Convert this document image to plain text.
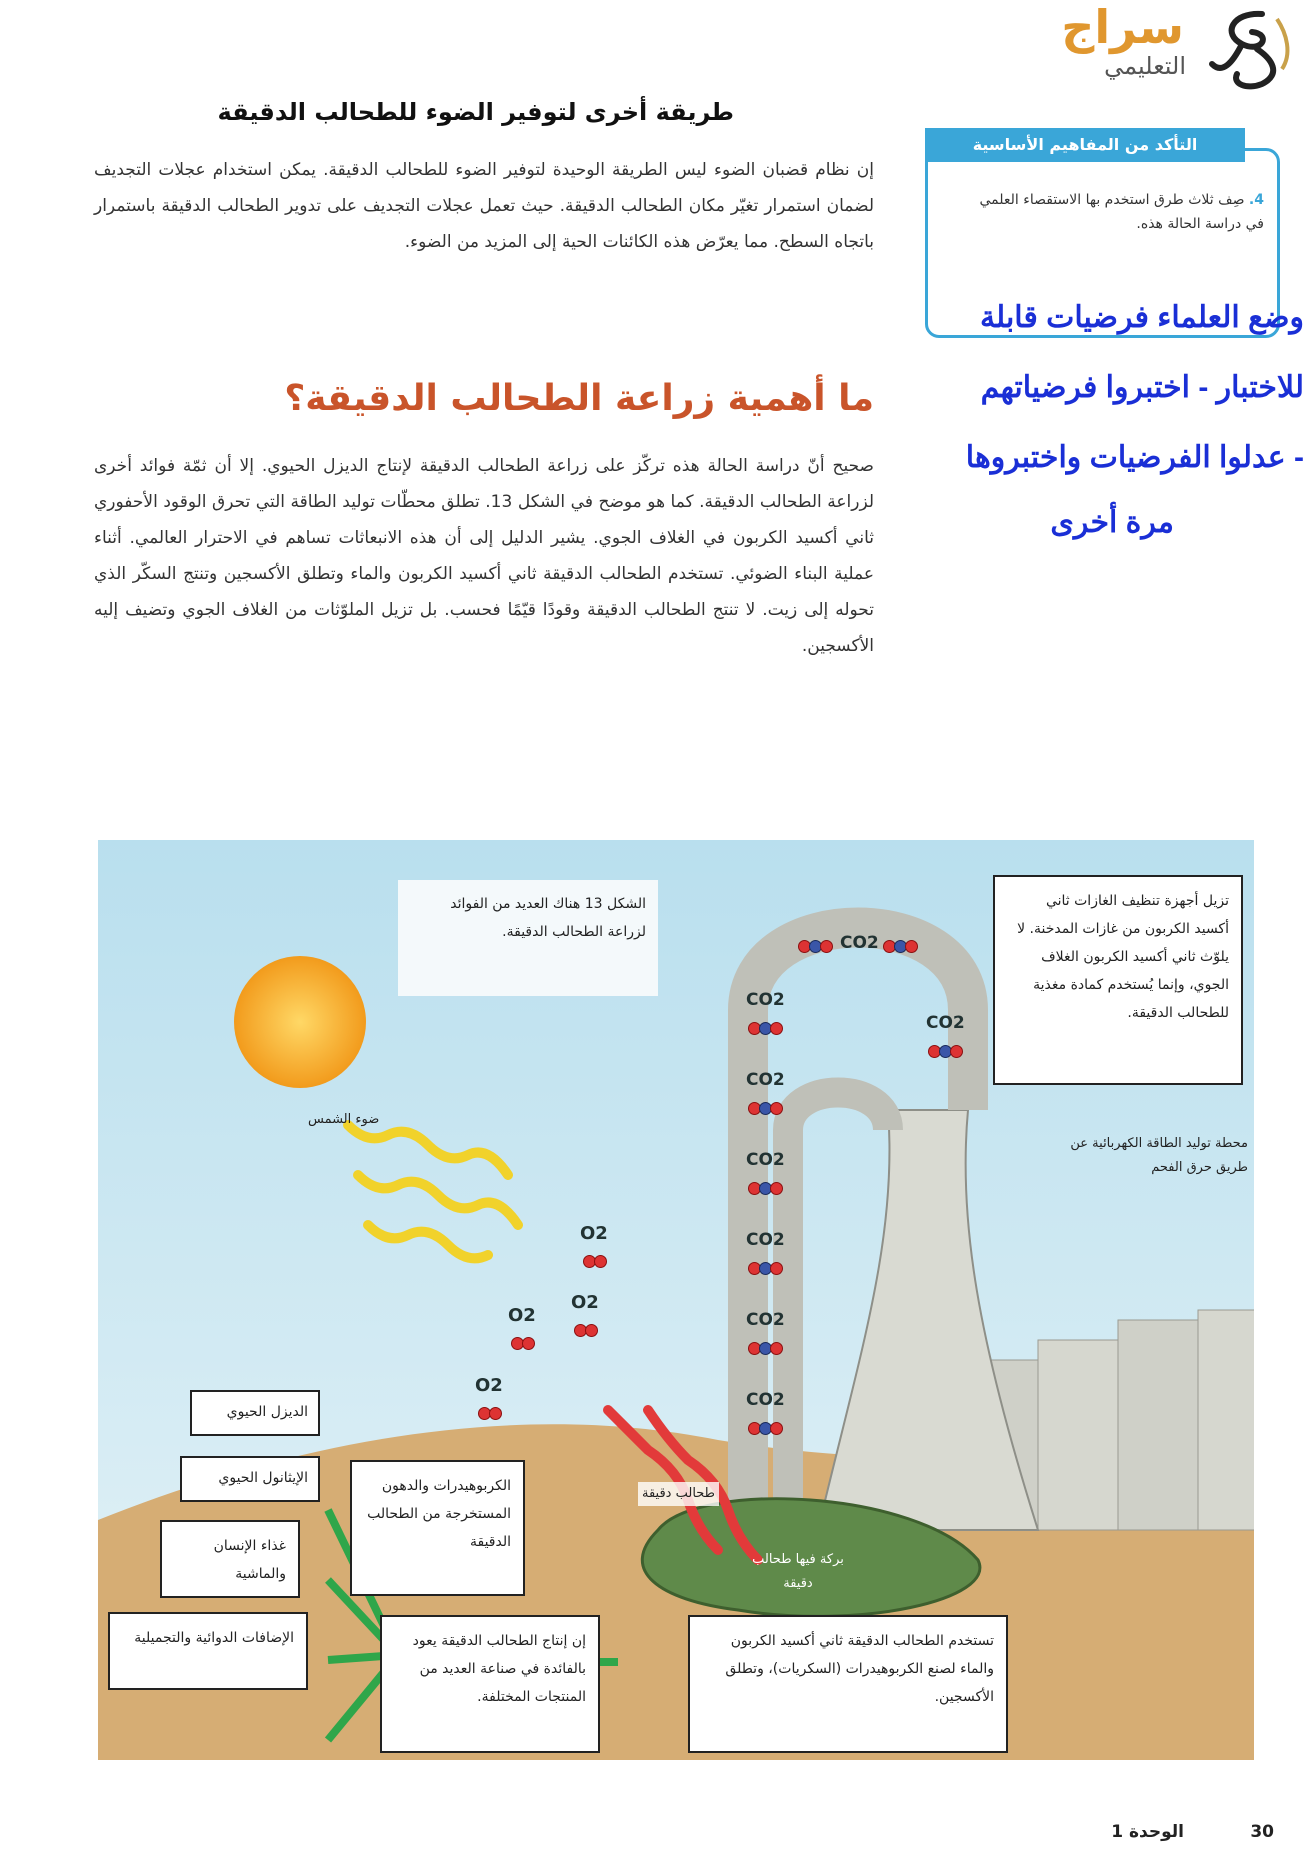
سراج
التعليمي
طريقة أخرى لتوفير الضوء للطحالب الدقيقة
إن نظام قضبان الضوء ليس الطريقة الوحيدة لتوفير الضوء للطحالب الدقيقة. يمكن استخدام عجلات التجديف لضمان استمرار تغيّر مكان الطحالب الدقيقة. حيث تعمل عجلات التجديف على تدوير الطحالب الدقيقة باستمرار باتجاه السطح. مما يعرّض هذه الكائنات الحية إلى المزيد من الضوء.
التأكد من المفاهيم الأساسية
4. صِف ثلاث طرق استخدم بها الاستقصاء العلمي في دراسة الحالة هذه.
وضع العلماء فرضيات قابلة
للاختبار - اختبروا فرضياتهم
- عدلوا الفرضيات واختبروها
مرة أخرى
ما أهمية زراعة الطحالب الدقيقة؟
صحيح أنّ دراسة الحالة هذه تركّز على زراعة الطحالب الدقيقة لإنتاج الديزل الحيوي. إلا أن ثمّة فوائد أخرى لزراعة الطحالب الدقيقة. كما هو موضح في الشكل 13. تطلق محطّات توليد الطاقة التي تحرق الوقود الأحفوري ثاني أكسيد الكربون في الغلاف الجوي. يشير الدليل إلى أن هذه الانبعاثات تساهم في الاحترار العالمي. أثناء عملية البناء الضوئي. تستخدم الطحالب الدقيقة ثاني أكسيد الكربون والماء وتطلق الأكسجين وتنتج السكّر الذي تحوله إلى زيت. لا تنتج الطحالب الدقيقة وقودًا قيّمًا فحسب. بل تزيل الملوّثات من الغلاف الجوي وتضيف إليه الأكسجين.
الشكل 13 هناك العديد من الفوائد لزراعة الطحالب الدقيقة.
تزيل أجهزة تنظيف الغازات ثاني أكسيد الكربون من غازات المدخنة. لا يلوّث ثاني أكسيد الكربون الغلاف الجوي، وإنما يُستخدم كمادة مغذية للطحالب الدقيقة.
ضوء الشمس
محطة توليد الطاقة الكهربائية عن طريق حرق الفحم
CO2
CO2
CO2
CO2
CO2
CO2
CO2
CO2
O2
O2
O2
O2
الديزل الحيوي
الإيثانول الحيوي
غذاء الإنسان والماشية
الإضافات الدوائية والتجميلية
الكربوهيدرات والدهون المستخرجة من الطحالب الدقيقة
طحالب دقيقة
بركة فيها طحالب دقيقة
إن إنتاج الطحالب الدقيقة يعود بالفائدة في صناعة العديد من المنتجات المختلفة.
تستخدم الطحالب الدقيقة ثاني أكسيد الكربون والماء لصنع الكربوهيدرات (السكريات)، وتطلق الأكسجين.
الوحدة 1	30
